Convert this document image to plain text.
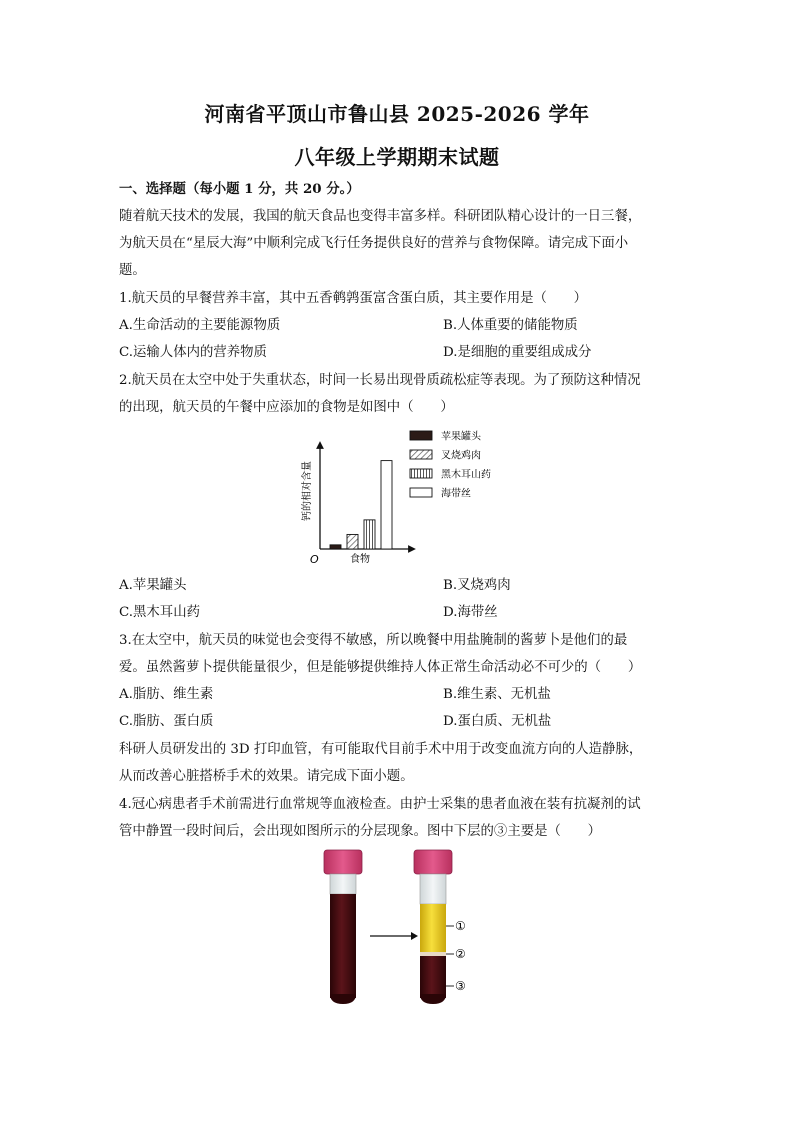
河南省平顶山市鲁山县 2025-2026 学年
八年级上学期期末试题
一、选择题（每小题 1 分，共 20 分。）
随着航天技术的发展，我国的航天食品也变得丰富多样。科研团队精心设计的一日三餐，
为航天员在“星辰大海”中顺利完成飞行任务提供良好的营养与食物保障。请完成下面小
题。
1.航天员的早餐营养丰富，其中五香鹌鹑蛋富含蛋白质，其主要作用是（　　）
A.生命活动的主要能源物质	B.人体重要的储能物质
C.运输人体内的营养物质	D.是细胞的重要组成成分
2.航天员在太空中处于失重状态，时间一长易出现骨质疏松症等表现。为了预防这种情况
的出现，航天员的午餐中应添加的食物是如图中（　　）
O	食物
钙的相对含量
苹果罐头
叉烧鸡肉
黑木耳山药
海带丝
A.苹果罐头	B.叉烧鸡肉
C.黑木耳山药	D.海带丝
3.在太空中，航天员的味觉也会变得不敏感，所以晚餐中用盐腌制的酱萝卜是他们的最
爱。虽然酱萝卜提供能量很少，但是能够提供维持人体正常生命活动必不可少的（　　）
A.脂肪、维生素	B.维生素、无机盐
C.脂肪、蛋白质	D.蛋白质、无机盐
科研人员研发出的 3D 打印血管，有可能取代目前手术中用于改变血流方向的人造静脉，
从而改善心脏搭桥手术的效果。请完成下面小题。
4.冠心病患者手术前需进行血常规等血液检查。由护士采集的患者血液在装有抗凝剂的试
管中静置一段时间后，会出现如图所示的分层现象。图中下层的③主要是（　　）
①
②
③
